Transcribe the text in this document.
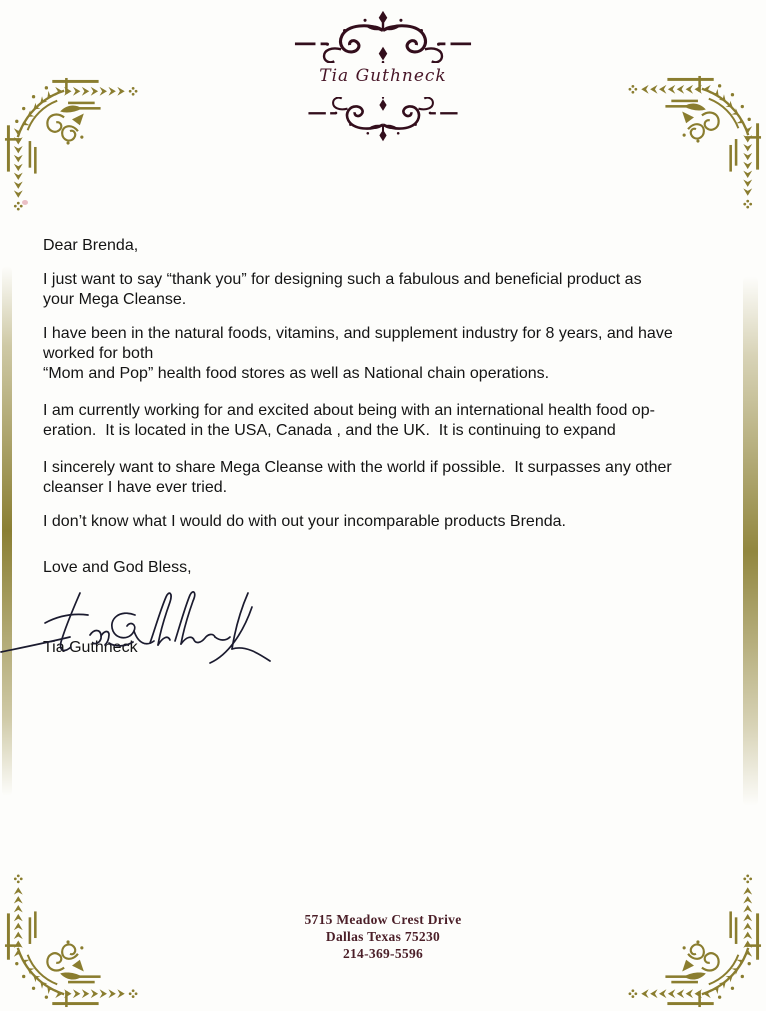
Tia Guthneck
Dear Brenda,
I just want to say “thank you” for designing such a fabulous and beneficial product as
your Mega Cleanse.
I have been in the natural foods, vitamins, and supplement industry for 8 years, and have
worked for both
“Mom and Pop” health food stores as well as National chain operations.
I am currently working for and excited about being with an international health food op-
eration.  It is located in the USA, Canada , and the UK.  It is continuing to expand
I sincerely want to share Mega Cleanse with the world if possible.  It surpasses any other
cleanser I have ever tried.
I don’t know what I would do with out your incomparable products Brenda.
Love and God Bless,
Tia Guthneck
5715 Meadow Crest Drive
Dallas Texas 75230
214-369-5596
